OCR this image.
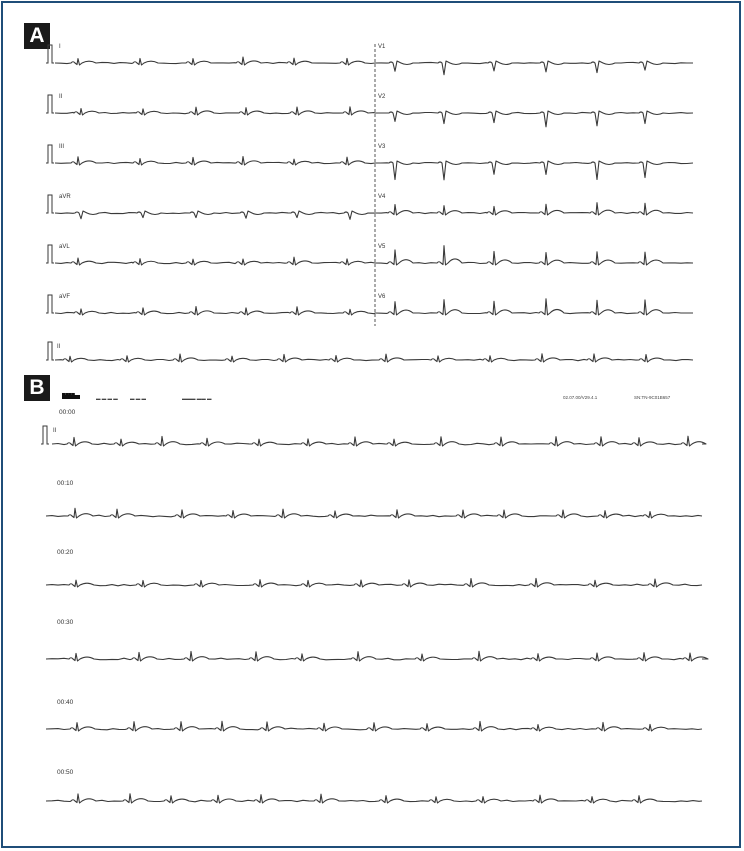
A
B
I
II
III
aVR
aVL
aVF
II
V1
V2
V3
V4
V5
V6
████
▬ ▬ ▬ ▬	▬ ▬ ▬	▬▬▬ ▬▬ ▬	02.07.00/V29.4.1	SN:TN-9C01B657
00:00
II
00:10
00:20
00:30
00:40
00:50
